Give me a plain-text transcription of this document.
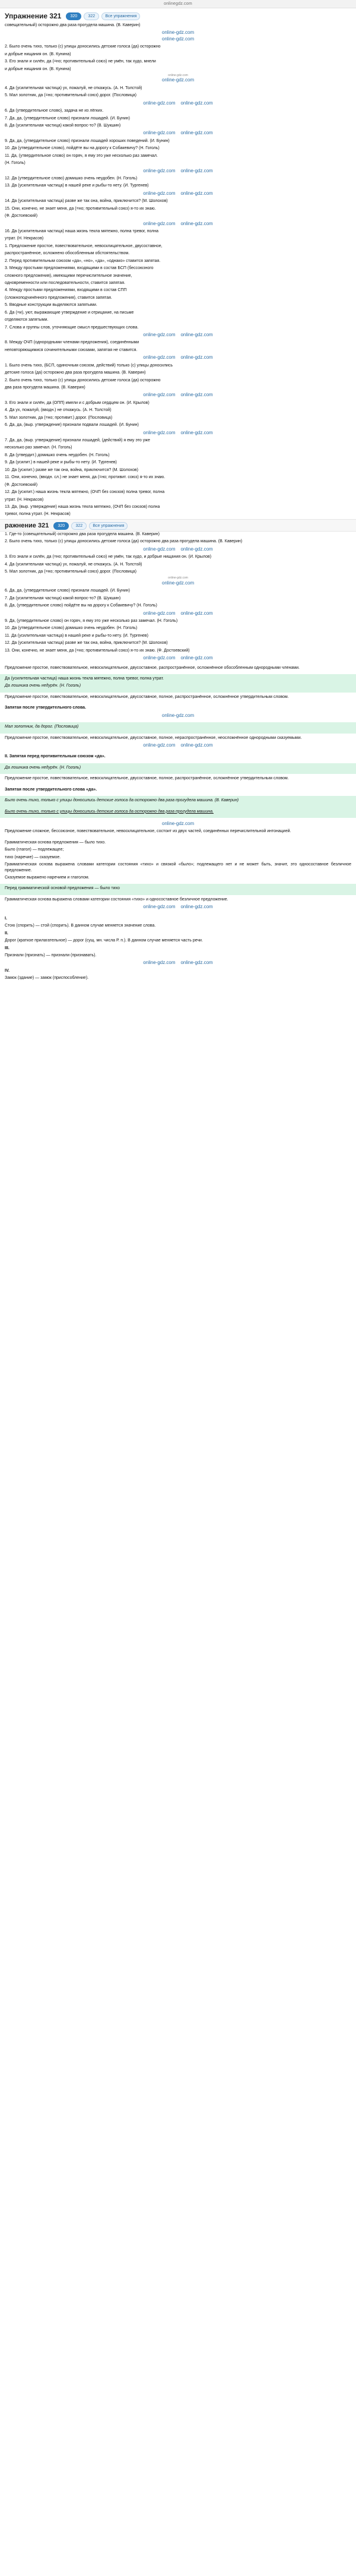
onlinegdz.com
Упражнение 321	320	322	Все упражнения

совещательный) осторожно два раза прогудела машина. (В. Каверин)

online-gdz.com
online-gdz.com

2. Было очень тихо, только (с) улицы доносились детские голоса (да) осторожно

и добрые нищания он. (В. Кунина)

3. Его знали и силён, да (=но; противительный союз) не умён, так худо, мнели

и добрые нищания он. (В. Кунина)

online-gdz.com
online-gdz.com

4. Да (усилительная частица) ух, пожалуй, не откажусь. (А. Н. Толстой)

5. Мал золотник, да (=но; противительный союз) дорог. (Пословица)

online-gdz.com online-gdz.com

6. Да (утвердительное слово), задача не из лёгких.

7. Да, да, (утвердительное слово) признали лошадей. (И. Бунин)

8. Да (усилительная частица) какой вопрос-то? (В. Шукшин)

online-gdz.com online-gdz.com

9. Да, да, (утвердительное слово) признали лошадей хороших поведений. (И. Бунин)

10. Да (утвердительное слово), пойдёте вы на дорогу к Собакевичу? (Н. Гоголь)

11. Да, (утвердительное слово) он горяч, я ему это уже несколько раз замечал.

(Н. Гоголь)

online-gdz.com online-gdz.com

12. Да (утвердительное слово) домишко очень неудобен. (Н. Гоголь)

13. Да (усилительная частица) в нашей реке и рыбы-то нету. (И. Тургенев)

online-gdz.com online-gdz.com

14. Да (усилительная частица) разве же так она, война, приключится? (М. Шолохов)

15. Они, конечно, не знает меня, да (=но; противительный союз) я-то их знаю.

(Ф. Достоевский)

online-gdz.com online-gdz.com

16. Да (усилительная частица) наша жизнь текла мятежно, полна тревог, полна

утрат. (Н. Некрасов)

1. Предложение простое, повествовательное, невосклицательное, двусоставное,

распространённое, осложнено обособленным обстоятельством.

2. Перед противительным союзом «да», «но», «да», «однако» ставится запятая.

3. Между простыми предложениями, входящими в состав БСП (бессоюзного

сложного предложения), имеющими перечислительное значение,

одновременности или последовательности, ставится запятая.

4. Между простыми предложениями, входящими в состав СПП

(сложноподчинённого предложения), ставится запятая.

5. Вводные конструкции выделяются запятыми.

6. Да (=и), уют, выражающие утверждение и отрицание, на письме

отделяются запятыми.

7. Слова и группы слов, уточняющие смысл предшествующих слова.

online-gdz.com online-gdz.com

8. Между ОЧП (однородными членами предложения), соединёнными

неповторяющимися сочинительными союзами, запятая не ставится.

online-gdz.com online-gdz.com

1. Было очень тихо, (БСП, одиночным союзом, действий) только (с) улицы доносились

детские голоса (да) осторожно два раза прогудела машина. (В. Каверин)

2. Было очень тихо, только (с) улицы доносились детские голоса (да) осторожно

два раза прогудела машина. (В. Каверин)

online-gdz.com online-gdz.com

3. Его знали и силён, да (ОПП) имели и с добрым сердцем он. (И. Крылов)

4. Да ух, пожалуй, (вводн.) не откажусь. (А. Н. Толстой)

5. Мал золотник, да (=но; противит.) дорог. (Пословица)

6. Да, да, (выр. утверждение) признали подвали лошадей. (И. Бунин)

online-gdz.com online-gdz.com

7. Да, да, (выр. утверждение) признали лошадей, (действий) я ему это уже

несколько раз замечал. (Н. Гоголь)

8. Да (утвердит.) домишко очень неудобен. (Н. Гоголь)

9. Да (усилит.) в нашей реке и рыбы-то нету. (И. Тургенев)

10. Да (усилит.) разве же так она, война, приключится? (М. Шолохов)

11. Они, конечно, (вводн. сл.) не знает меня, да (=но; противит. союз) я-то их знаю.

(Ф. Достоевский)

12. Да (усилит.) наша жизнь текла мятежно, (ОЧП без союзов) полна тревог, полна

утрат. (Н. Некрасов)

13. Да, (выр. утверждение) наша жизнь текла мятежно, (ОЧП без союзов) полна

тревог, полна утрат. (Н. Некрасов)

ражнение 321	320	322	Все упражнения

1. Где-то (совещательный) осторожно два раза прогудела машина. (В. Каверин)

2. Было очень тихо, только (с) улицы доносились детские голоса (да) осторожно два раза прогудела машина. (В. Каверин)

online-gdz.com online-gdz.com

3. Его знали и силён, да (=но; противительный союз) не умён, так худо, и добрые нищания он. (И. Крылов)

4. Да (усилительная частица) ух, пожалуй, не откажусь. (А. Н. Толстой)

5. Мал золотник, да (=но; противительный союз) дорог. (Пословица)

online-gdz.com
online-gdz.com

6. Да, да, (утвердительное слово) признали лошадей. (И. Бунин)

7. Да (усилительная частица) какой вопрос-то? (В. Шукшин)

8. Да, (утвердительное слово) пойдёте вы на дорогу к Собакевичу? (Н. Гоголь)

online-gdz.com online-gdz.com

9. Да, (утвердительное слово) он горяч, я ему это уже несколько раз замечал. (Н. Гоголь)

10. Да (утвердительное слово) домишко очень неудобен. (Н. Гоголь)

11. Да (усилительная частица) в нашей реке и рыбы-то нету. (И. Тургенев)

12. Да (усилительная частица) разве же так она, война, приключится? (М. Шолохов)

13. Они, конечно, не знает меня, да (=но; противительный союз) я-то их знаю. (Ф. Достоевский)

online-gdz.com online-gdz.com

Предложение простое, повествовательное, невосклицательное, двусоставное, распространённое, осложнённое обособленным однородными членами.

Да (усилительная частица) наша жизнь текла мятежно, полна тревог, полна утрат.

Да лошника очень недурён. (Н. Гоголь)

Предложение простое, повествовательное, невосклицательное, двусоставное, полное, распространённое, осложнённое утвердительным словом.

Запятая после утвердительного слова.

online-gdz.com

Мал золотник, да дорог. (Пословица)

Предложение простое, повествовательное, невосклицательное, двусоставное, полное, нераспространённое, неосложнённое однородными сказуемыми.

online-gdz.com online-gdz.com

II. Запятая перед противительным союзом «да».

Да лошника очень недурён. (Н. Гоголь)

Предложение простое, повествовательное, невосклицательное, двусоставное, полное, распространённое, осложнённое утвердительным словом.

Запятая после утвердительного слова «да».

Было очень тихо, только с улицы доносились детские голоса да осторожно два раза прогудела машина. (В. Каверин)

Было очень тихо, только с улицы доносились детские голоса да осторожно два раза прогудела машина.

online-gdz.com

Предложение сложное, бессоюзное, повествовательное, невосклицательное, состоит из двух частей, соединённых перечислительной интонацией.

Грамматическая основа предложения — было тихо.

Было (глагол) — подлежащее;

тихо (наречие) — сказуемое.

Грамматическая основа выражена словами категории состояния «тихо» и связкой «было»; подлежащего нет и не может быть, значит, это односоставное безличное предложение.

Сказуемое выражено наречием и глаголом.

Перед грамматической основой предложения — было тихо

Грамматическая основа выражена словами категории состояния «тихо» и односоставное безличное предложение.

online-gdz.com online-gdz.com

I.

Стою (спорить) — стой (спорить). В данном случае меняется значение слова.

II.

Дорог (краткое прилагательное) — дорог (сущ. мн. числа Р. п.). В данном случае меняется часть речи.

III.

Признали (признать) — признали (признавать).

online-gdz.com online-gdz.com

IV.

Замок (здание) — замок (приспособление).
